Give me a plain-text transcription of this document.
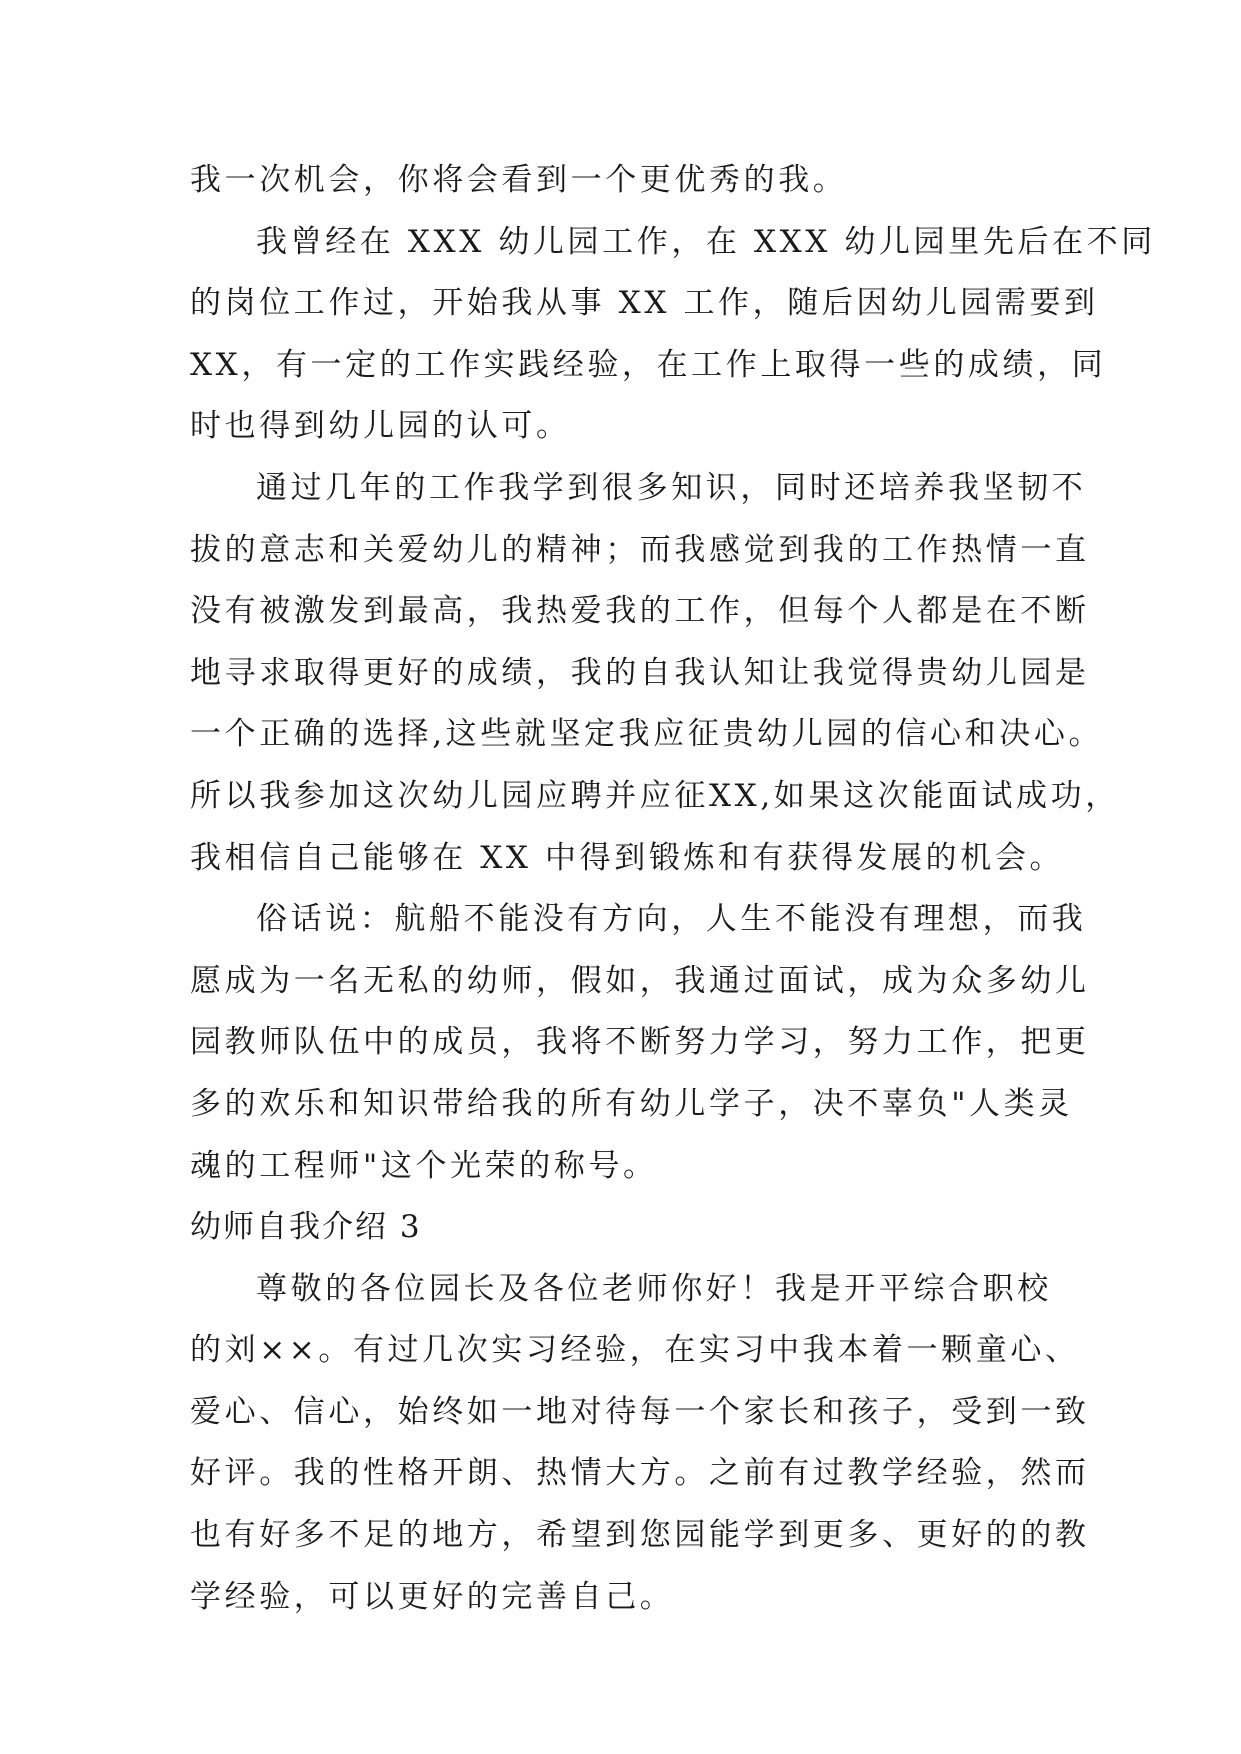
我一次机会，你将会看到一个更优秀的我。
我曾经在 XXX 幼儿园工作，在 XXX 幼儿园里先后在不同
的岗位工作过，开始我从事 XX 工作，随后因幼儿园需要到
XX，有一定的工作实践经验，在工作上取得一些的成绩，同
时也得到幼儿园的认可。
通过几年的工作我学到很多知识，同时还培养我坚韧不
拔的意志和关爱幼儿的精神；而我感觉到我的工作热情一直
没有被激发到最高，我热爱我的工作，但每个人都是在不断
地寻求取得更好的成绩，我的自我认知让我觉得贵幼儿园是
一个正确的选择,这些就坚定我应征贵幼儿园的信心和决心。
所以我参加这次幼儿园应聘并应征XX,如果这次能面试成功，
我相信自己能够在 XX 中得到锻炼和有获得发展的机会。
俗话说：航船不能没有方向，人生不能没有理想，而我
愿成为一名无私的幼师，假如，我通过面试，成为众多幼儿
园教师队伍中的成员，我将不断努力学习，努力工作，把更
多的欢乐和知识带给我的所有幼儿学子，决不辜负"人类灵
魂的工程师"这个光荣的称号。
幼师自我介绍 3
尊敬的各位园长及各位老师你好！我是开平综合职校
的刘××。有过几次实习经验，在实习中我本着一颗童心、
爱心、信心，始终如一地对待每一个家长和孩子，受到一致
好评。我的性格开朗、热情大方。之前有过教学经验，然而
也有好多不足的地方，希望到您园能学到更多、更好的的教
学经验，可以更好的完善自己。
